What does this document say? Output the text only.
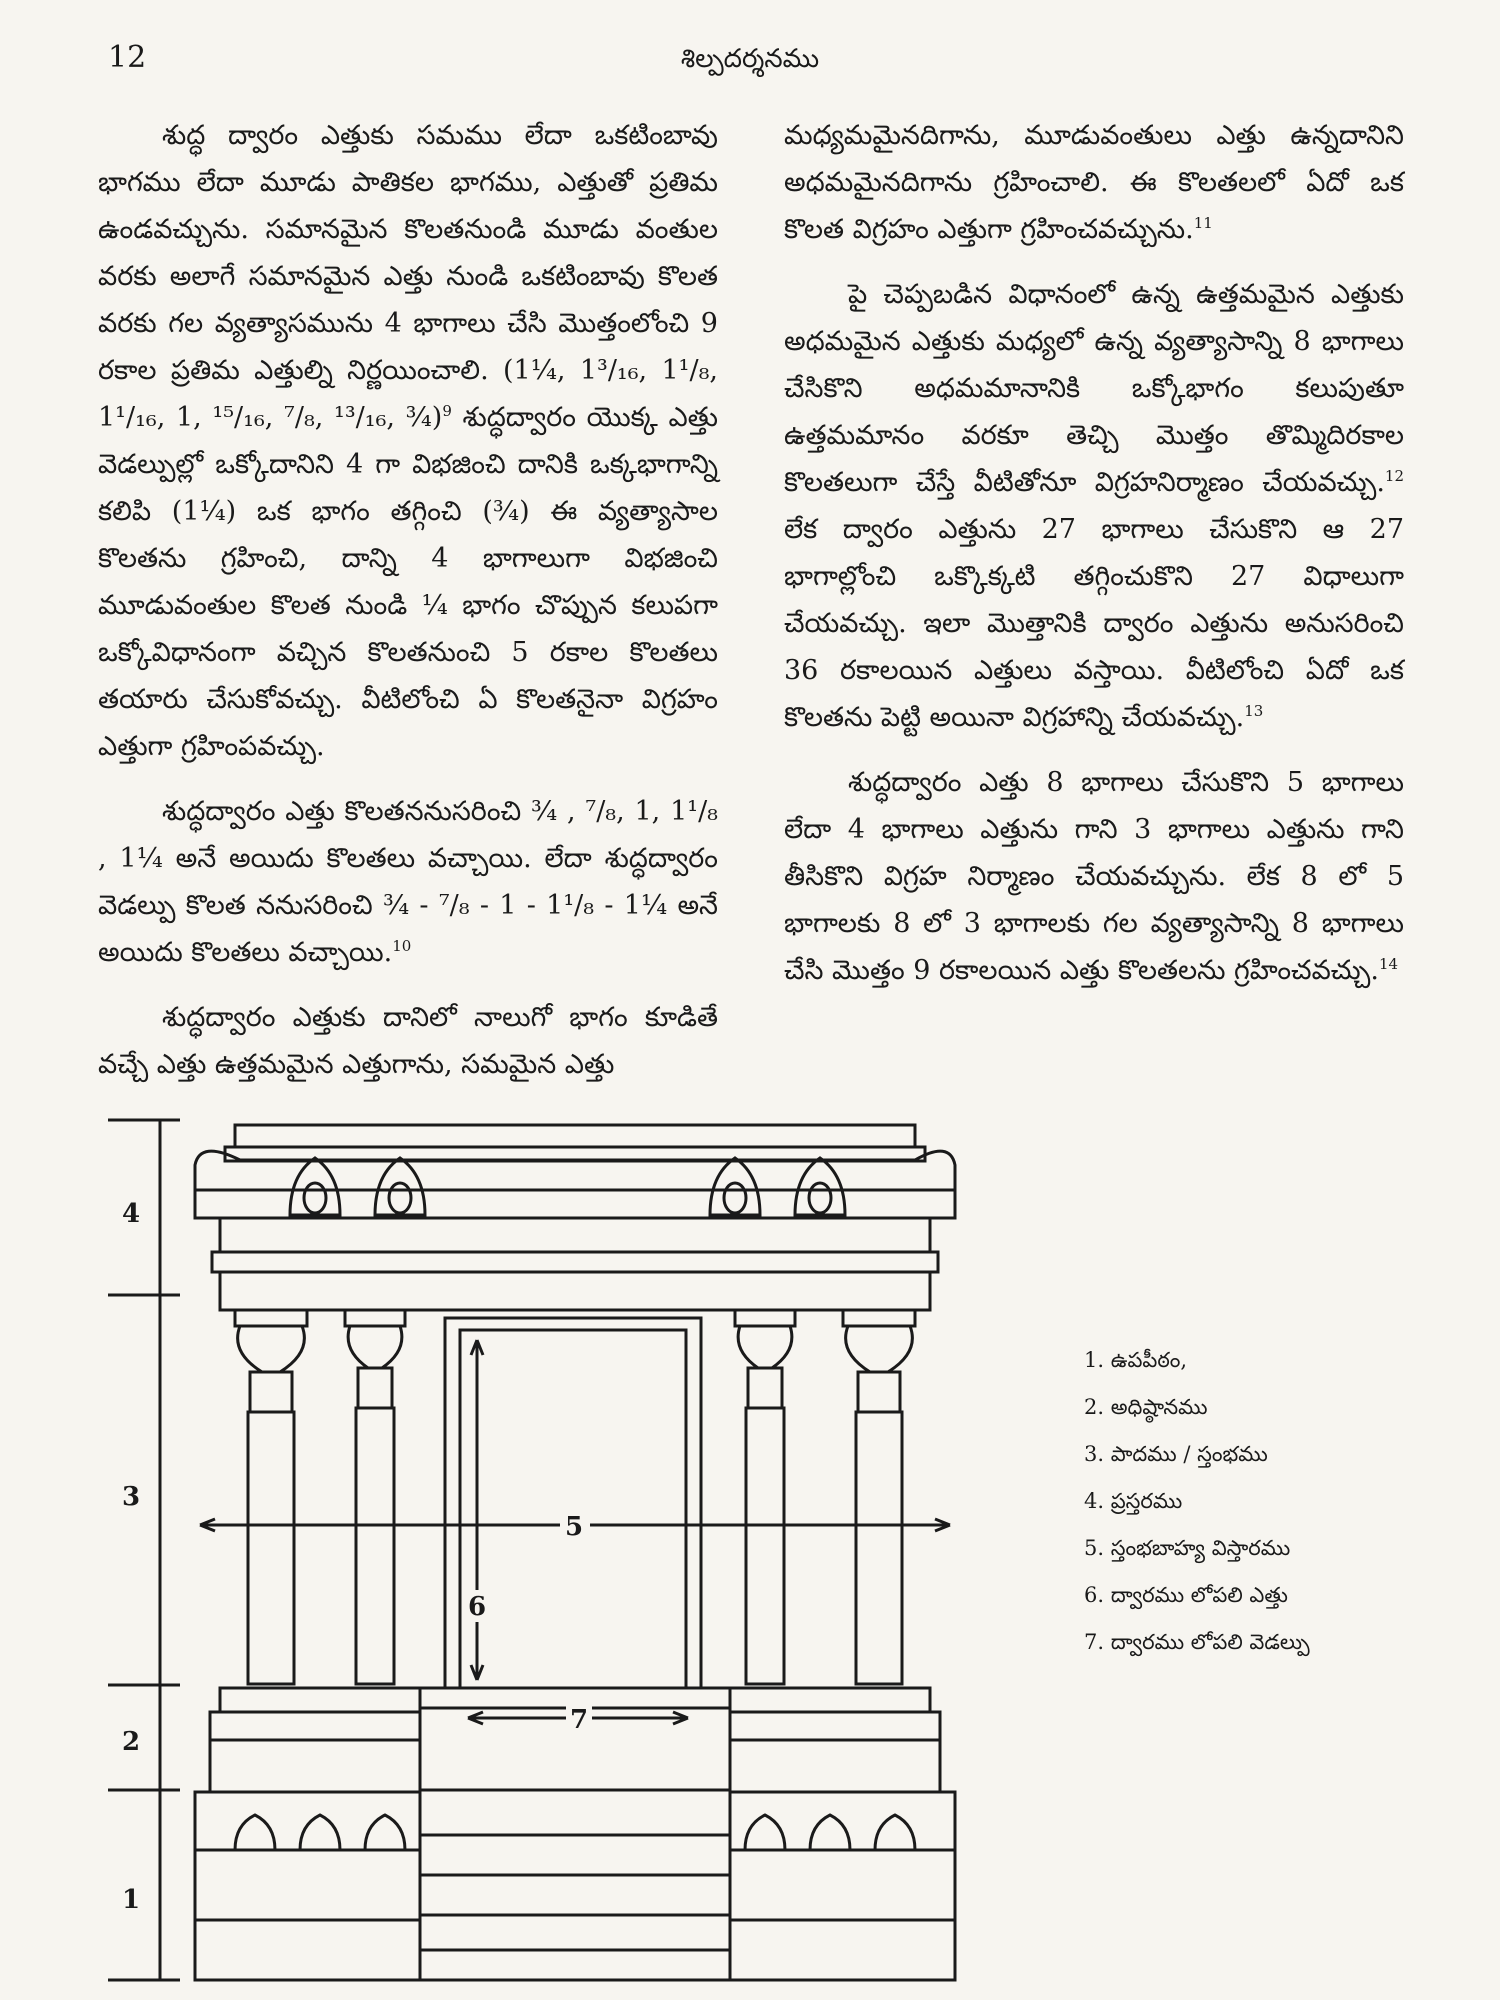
12	శిల్పదర్శనము

శుద్ధ ద్వారం ఎత్తుకు సమము లేదా ఒకటింబావు భాగము లేదా మూడు పాతికల భాగము, ఎత్తుతో ప్రతిమ ఉండవచ్చును. సమానమైన కొలతనుండి మూడు వంతుల వరకు అలాగే సమానమైన ఎత్తు నుండి ఒకటింబావు కొలత వరకు గల వ్యత్యాసమును 4 భాగాలు చేసి మొత్తంలోంచి 9 రకాల ప్రతిమ ఎత్తుల్ని నిర్ణయించాలి. (1¼, 1³/₁₆, 1¹/₈, 1¹/₁₆, 1, ¹⁵/₁₆, ⁷/₈, ¹³/₁₆, ¾)$^9$ శుద్ధద్వారం యొక్క ఎత్తు వెడల్పుల్లో ఒక్కోదానిని 4 గా విభజించి దానికి ఒక్కభాగాన్ని కలిపి (1¼) ఒక భాగం తగ్గించి (¾) ఈ వ్యత్యాసాల కొలతను గ్రహించి, దాన్ని 4 భాగాలుగా విభజించి మూడువంతుల కొలత నుండి ¼ భాగం చొప్పున కలుపగా ఒక్కోవిధానంగా వచ్చిన కొలతనుంచి 5 రకాల కొలతలు తయారు చేసుకోవచ్చు. వీటిలోంచి ఏ కొలతనైనా విగ్రహం ఎత్తుగా గ్రహింపవచ్చు.

శుద్ధద్వారం ఎత్తు కొలతననుసరించి ¾ , ⁷/₈, 1, 1¹/₈ , 1¼ అనే అయిదు కొలతలు వచ్చాయి. లేదా శుద్ధద్వారం వెడల్పు కొలత ననుసరించి ¾ - ⁷/₈ - 1 - 1¹/₈ - 1¼ అనే అయిదు కొలతలు వచ్చాయి.$^{10}$

శుద్ధద్వారం ఎత్తుకు దానిలో నాలుగో భాగం కూడితే వచ్చే ఎత్తు ఉత్తమమైన ఎత్తుగాను, సమమైన ఎత్తు

మధ్యమమైనదిగాను, మూడువంతులు ఎత్తు ఉన్నదానిని అధమమైనదిగాను గ్రహించాలి. ఈ కొలతలలో ఏదో ఒక కొలత విగ్రహం ఎత్తుగా గ్రహించవచ్చును.$^{11}$

పై చెప్పబడిన విధానంలో ఉన్న ఉత్తమమైన ఎత్తుకు అధమమైన ఎత్తుకు మధ్యలో ఉన్న వ్యత్యాసాన్ని 8 భాగాలు చేసికొని అధమమానానికి ఒక్కోభాగం కలుపుతూ ఉత్తమమానం వరకూ తెచ్చి మొత్తం తొమ్మిదిరకాల కొలతలుగా చేస్తే వీటితోనూ విగ్రహనిర్మాణం చేయవచ్చు.$^{12}$ లేక ద్వారం ఎత్తును 27 భాగాలు చేసుకొని ఆ 27 భాగాల్లోంచి ఒక్కొక్కటి తగ్గించుకొని 27 విధాలుగా చేయవచ్చు. ఇలా మొత్తానికి ద్వారం ఎత్తును అనుసరించి 36 రకాలయిన ఎత్తులు వస్తాయి. వీటిలోంచి ఏదో ఒక కొలతను పెట్టి అయినా విగ్రహాన్ని చేయవచ్చు.$^{13}$

శుద్ధద్వారం ఎత్తు 8 భాగాలు చేసుకొని 5 భాగాలు లేదా 4 భాగాలు ఎత్తును గాని 3 భాగాలు ఎత్తును గాని తీసికొని విగ్రహ నిర్మాణం చేయవచ్చును. లేక 8 లో 5 భాగాలకు 8 లో 3 భాగాలకు గల వ్యత్యాసాన్ని 8 భాగాలు చేసి మొత్తం 9 రకాలయిన ఎత్తు కొలతలను గ్రహించవచ్చు.$^{14}$

1
2
3
4
5
6
7
1. ఉపపీఠం,
2. అధిష్ఠానము
3. పాదము / స్తంభము
4. ప్రస్తరము
5. స్తంభబాహ్య విస్తారము
6. ద్వారము లోపలి ఎత్తు
7. ద్వారము లోపలి వెడల్పు
